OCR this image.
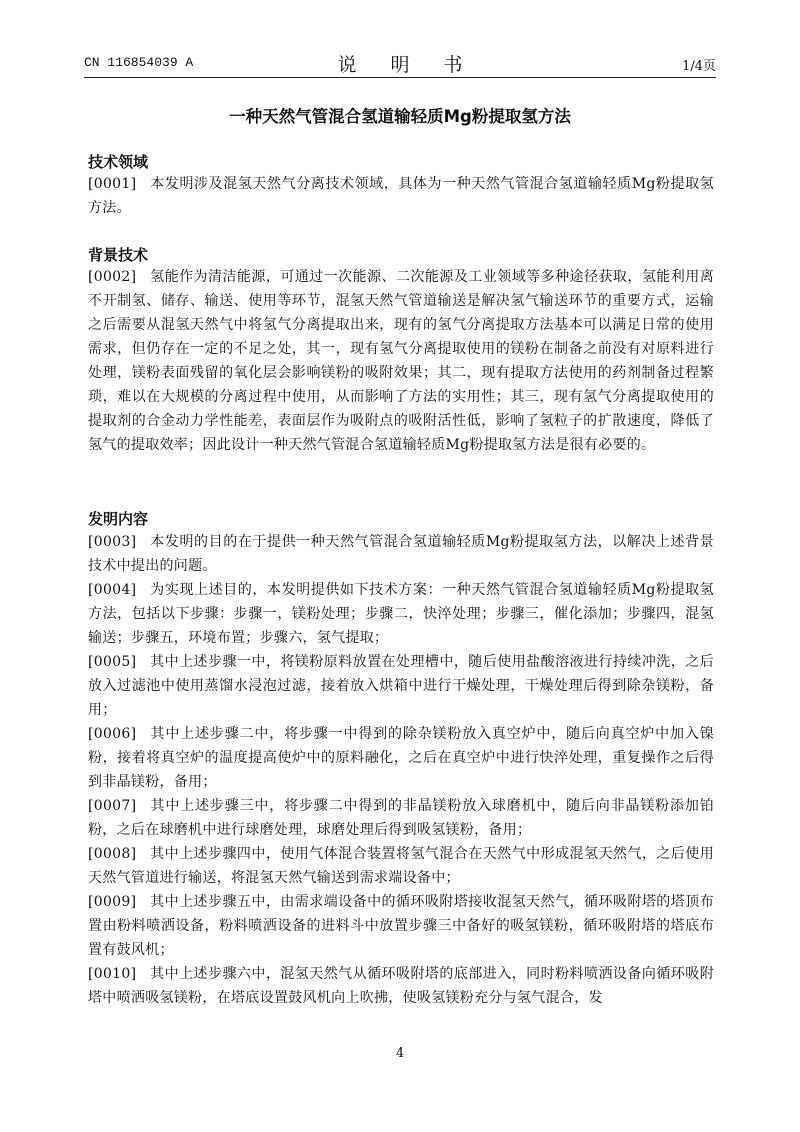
CN 116854039 A	说 明 书	1/4页
一种天然气管混合氢道输轻质Mg粉提取氢方法
技术领域
[0001] 本发明涉及混氢天然气分离技术领域，具体为一种天然气管混合氢道输轻质Mg粉提取氢方法。
背景技术
[0002] 氢能作为清洁能源，可通过一次能源、二次能源及工业领域等多种途径获取，氢能利用离不开制氢、储存、输送、使用等环节，混氢天然气管道输送是解决氢气输送环节的重要方式，运输之后需要从混氢天然气中将氢气分离提取出来，现有的氢气分离提取方法基本可以满足日常的使用需求，但仍存在一定的不足之处，其一，现有氢气分离提取使用的镁粉在制备之前没有对原料进行处理，镁粉表面残留的氧化层会影响镁粉的吸附效果；其二，现有提取方法使用的药剂制备过程繁琐，难以在大规模的分离过程中使用，从而影响了方法的实用性；其三，现有氢气分离提取使用的提取剂的合金动力学性能差，表面层作为吸附点的吸附活性低，影响了氢粒子的扩散速度，降低了氢气的提取效率；因此设计一种天然气管混合氢道输轻质Mg粉提取氢方法是很有必要的。
发明内容
[0003] 本发明的目的在于提供一种天然气管混合氢道输轻质Mg粉提取氢方法，以解决上述背景技术中提出的问题。
[0004] 为实现上述目的，本发明提供如下技术方案：一种天然气管混合氢道输轻质Mg粉提取氢方法，包括以下步骤：步骤一，镁粉处理；步骤二，快淬处理；步骤三，催化添加；步骤四，混氢输送；步骤五，环境布置；步骤六，氢气提取；
[0005] 其中上述步骤一中，将镁粉原料放置在处理槽中，随后使用盐酸溶液进行持续冲洗，之后放入过滤池中使用蒸馏水浸泡过滤，接着放入烘箱中进行干燥处理，干燥处理后得到除杂镁粉，备用；
[0006] 其中上述步骤二中，将步骤一中得到的除杂镁粉放入真空炉中，随后向真空炉中加入镍粉，接着将真空炉的温度提高使炉中的原料融化，之后在真空炉中进行快淬处理，重复操作之后得到非晶镁粉，备用；
[0007] 其中上述步骤三中，将步骤二中得到的非晶镁粉放入球磨机中，随后向非晶镁粉添加铂粉，之后在球磨机中进行球磨处理，球磨处理后得到吸氢镁粉，备用；
[0008] 其中上述步骤四中，使用气体混合装置将氢气混合在天然气中形成混氢天然气，之后使用天然气管道进行输送，将混氢天然气输送到需求端设备中；
[0009] 其中上述步骤五中，由需求端设备中的循环吸附塔接收混氢天然气，循环吸附塔的塔顶布置由粉料喷洒设备，粉料喷洒设备的进料斗中放置步骤三中备好的吸氢镁粉，循环吸附塔的塔底布置有鼓风机；
[0010] 其中上述步骤六中，混氢天然气从循环吸附塔的底部进入，同时粉料喷洒设备向循环吸附塔中喷洒吸氢镁粉，在塔底设置鼓风机向上吹拂，使吸氢镁粉充分与氢气混合，发
4
